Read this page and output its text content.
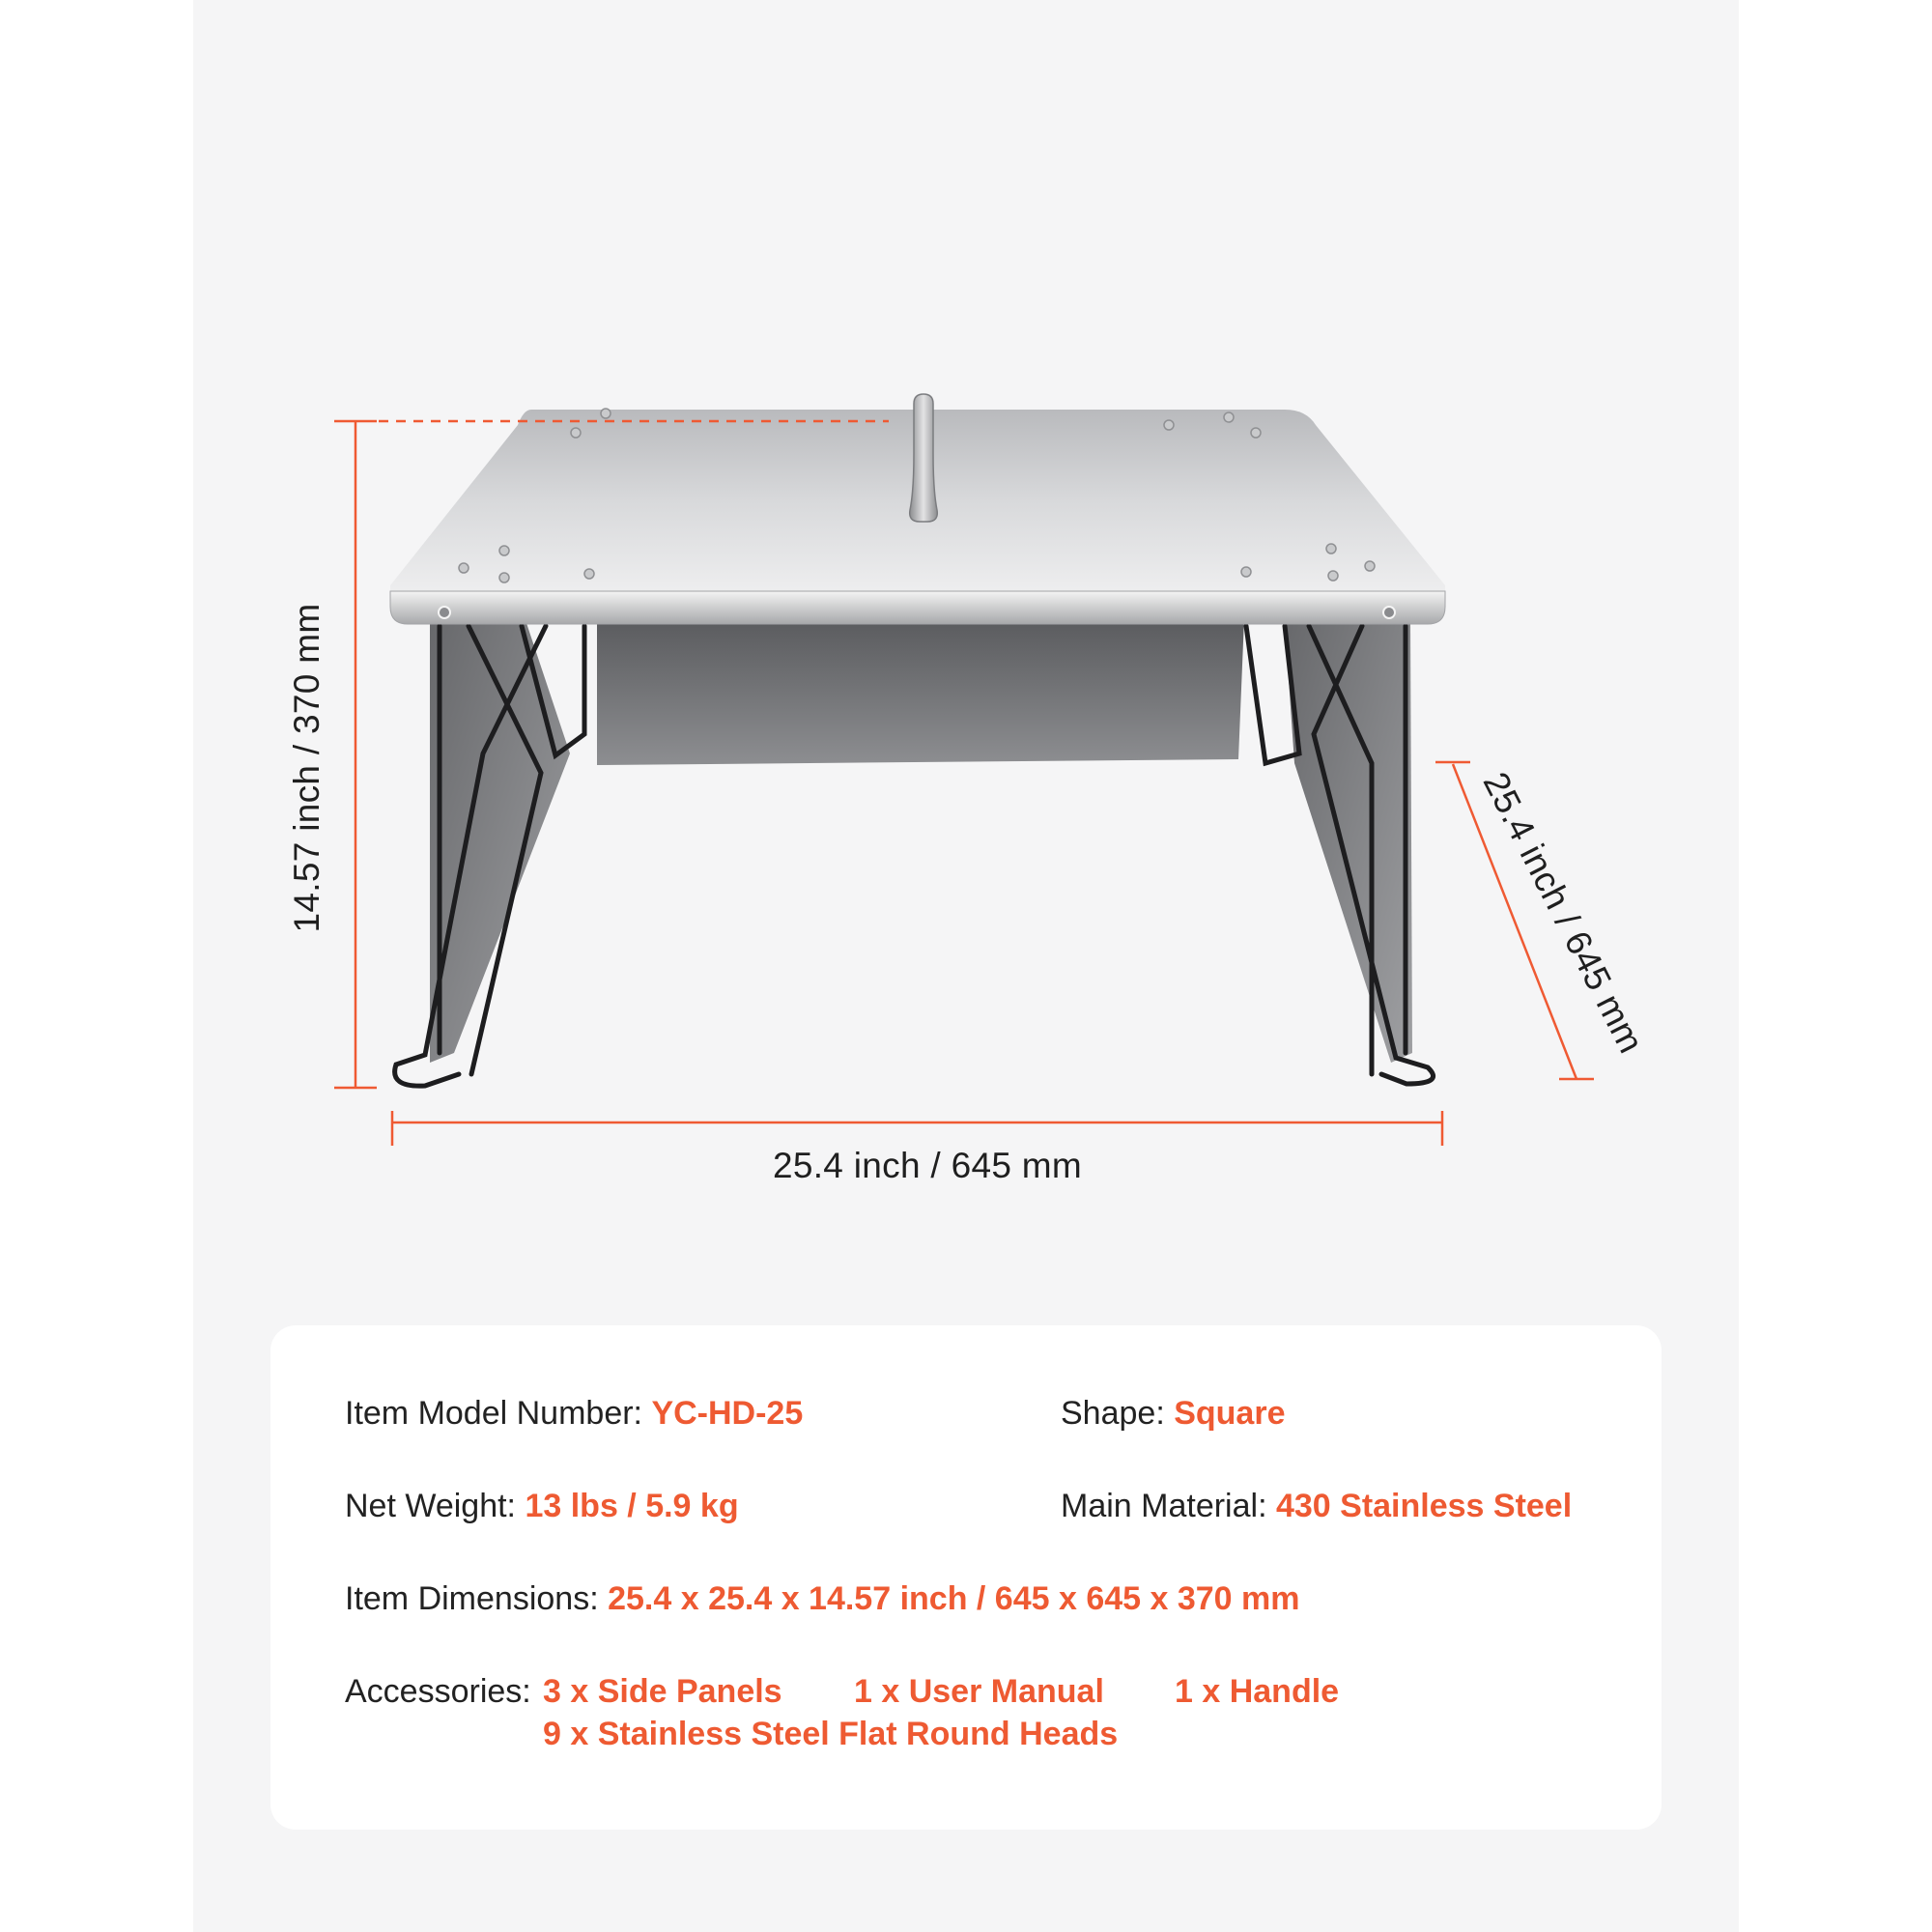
14.57 inch / 370 mm
25.4 inch / 645 mm
25.4 inch / 645 mm
Item Model Number: YC-HD-25	Shape: Square
Net Weight: 13 lbs / 5.9 kg	Main Material: 430 Stainless Steel
Item Dimensions: 25.4 x 25.4 x 14.57 inch / 645 x 645 x 370 mm
Accessories: 3 x Side Panels 1 x User Manual 1 x Handle
9 x Stainless Steel Flat Round Heads
